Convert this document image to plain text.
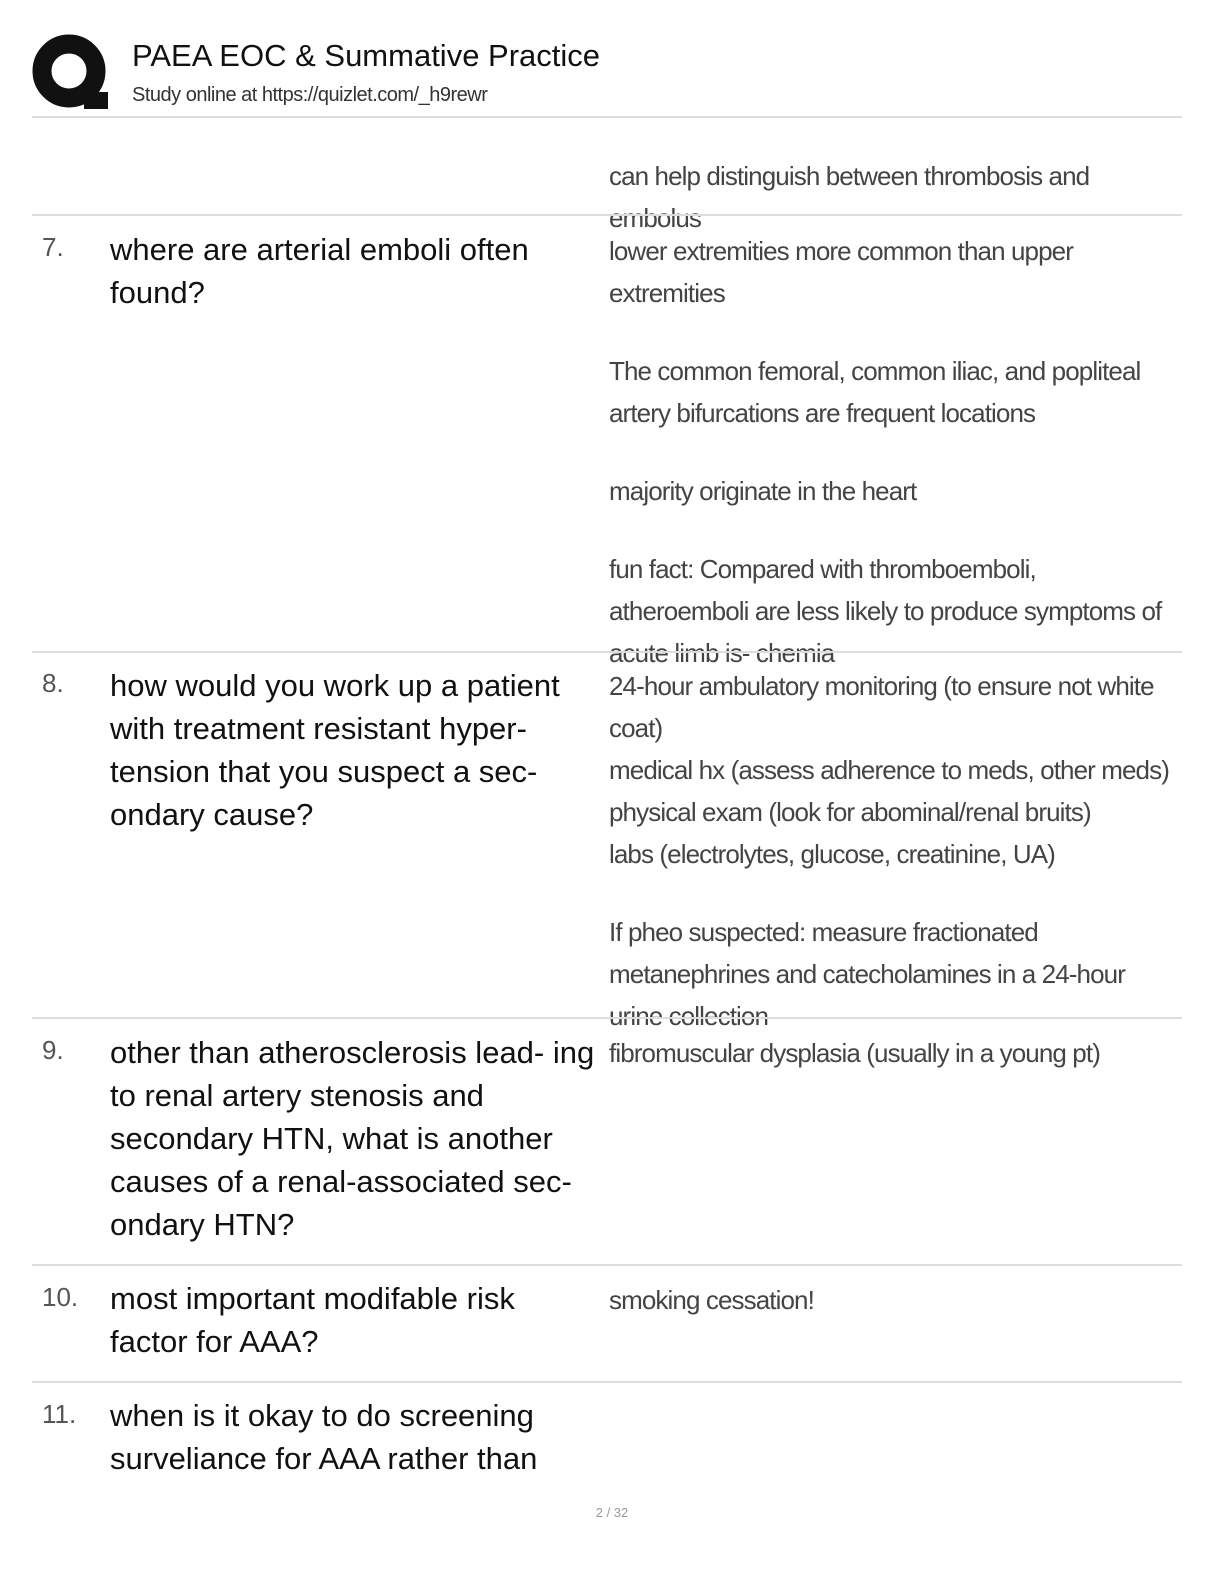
PAEA EOC & Summative Practice
Study online at https://quizlet.com/_h9rewr

can help distinguish between thrombosis and embolus

7. where are arterial emboli often found?

lower extremities more common than upper extremities

The common femoral, common iliac, and popliteal artery bifurcations are frequent locations

majority originate in the heart

fun fact: Compared with thromboemboli, atheroemboli are less likely to produce symptoms of acute limb is- chemia

8. how would you work up a patient with treatment resistant hyper- tension that you suspect a sec- ondary cause?

24-hour ambulatory monitoring (to ensure not white coat)

medical hx (assess adherence to meds, other meds)

physical exam (look for abominal/renal bruits)

labs (electrolytes, glucose, creatinine, UA)

If pheo suspected: measure fractionated metanephrines and catecholamines in a 24-hour urine collection

9. other than atherosclerosis lead- ing to renal artery stenosis and secondary HTN, what is another causes of a renal-associated sec- ondary HTN?

fibromuscular dysplasia (usually in a young pt)

10. most important modifable risk factor for AAA?

smoking cessation!

11. when is it okay to do screening surveliance for AAA rather than
2 / 32
